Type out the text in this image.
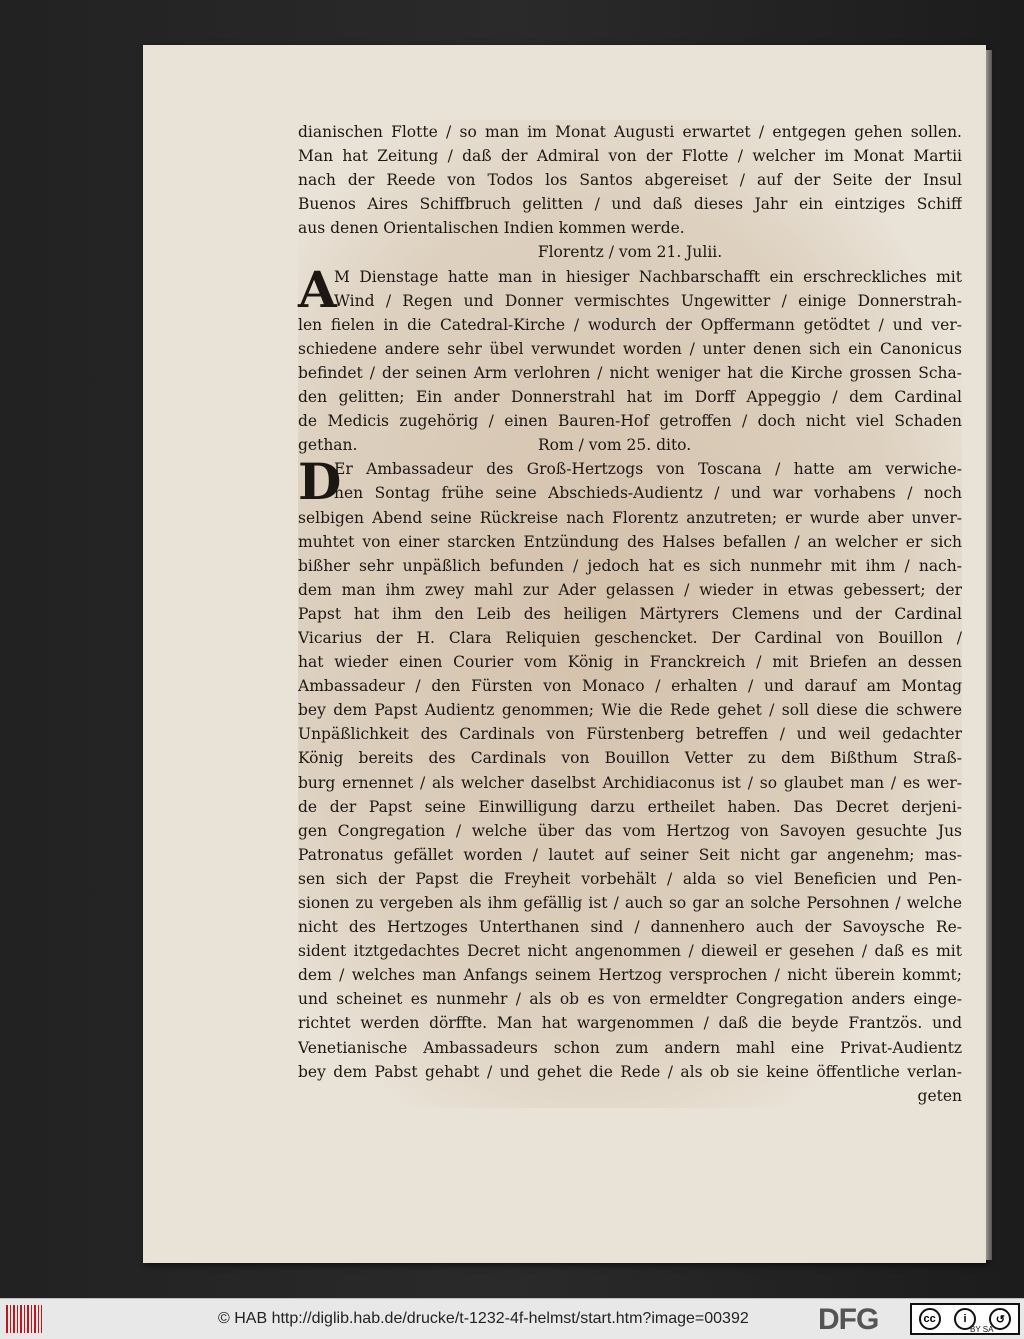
dianischen Flotte / so man im Monat Augusti erwartet / entgegen gehen sollen.
Man hat Zeitung / daß der Admiral von der Flotte / welcher im Monat Martii
nach der Reede von Todos los Santos abgereiset / auf der Seite der Insul
Buenos Aires Schiffbruch gelitten / und daß dieses Jahr ein eintziges Schiff
aus denen Orientalischen Indien kommen werde.
Florentz / vom 21. Julii.
A
M Dienstage hatte man in hiesiger Nachbarschafft ein erschreckliches mit
Wind / Regen und Donner vermischtes Ungewitter / einige Donnerstrah-
len fielen in die Catedral-Kirche / wodurch der Opffermann getödtet / und ver-
schiedene andere sehr übel verwundet worden / unter denen sich ein Canonicus
befindet / der seinen Arm verlohren / nicht weniger hat die Kirche grossen Scha-
den gelitten; Ein ander Donnerstrahl hat im Dorff Appeggio / dem Cardinal
de Medicis zugehörig / einen Bauren-Hof getroffen / doch nicht viel Schaden
gethan.	Rom / vom 25. dito.
D
Er Ambassadeur des Groß-Hertzogs von Toscana / hatte am verwiche-
nen Sontag frühe seine Abschieds-Audientz / und war vorhabens / noch
selbigen Abend seine Rückreise nach Florentz anzutreten; er wurde aber unver-
muhtet von einer starcken Entzündung des Halses befallen / an welcher er sich
bißher sehr unpäßlich befunden / jedoch hat es sich nunmehr mit ihm / nach-
dem man ihm zwey mahl zur Ader gelassen / wieder in etwas gebessert; der
Papst hat ihm den Leib des heiligen Märtyrers Clemens und der Cardinal
Vicarius der H. Clara Reliquien geschencket. Der Cardinal von Bouillon /
hat wieder einen Courier vom König in Franckreich / mit Briefen an dessen
Ambassadeur / den Fürsten von Monaco / erhalten / und darauf am Montag
bey dem Papst Audientz genommen; Wie die Rede gehet / soll diese die schwere
Unpäßlichkeit des Cardinals von Fürstenberg betreffen / und weil gedachter
König bereits des Cardinals von Bouillon Vetter zu dem Bißthum Straß-
burg ernennet / als welcher daselbst Archidiaconus ist / so glaubet man / es wer-
de der Papst seine Einwilligung darzu ertheilet haben. Das Decret derjeni-
gen Congregation / welche über das vom Hertzog von Savoyen gesuchte Jus
Patronatus gefället worden / lautet auf seiner Seit nicht gar angenehm; mas-
sen sich der Papst die Freyheit vorbehält / alda so viel Beneficien und Pen-
sionen zu vergeben als ihm gefällig ist / auch so gar an solche Persohnen / welche
nicht des Hertzoges Unterthanen sind / dannenhero auch der Savoysche Re-
sident itztgedachtes Decret nicht angenommen / dieweil er gesehen / daß es mit
dem / welches man Anfangs seinem Hertzog versprochen / nicht überein kommt;
und scheinet es nunmehr / als ob es von ermeldter Congregation anders einge-
richtet werden dörffte. Man hat wargenommen / daß die beyde Frantzös. und
Venetianische Ambassadeurs schon zum andern mahl eine Privat-Audientz
bey dem Pabst gehabt / und gehet die Rede / als ob sie keine öffentliche verlan-
geten
© HAB http://diglib.hab.de/drucke/t-1232-4f-helmst/start.htm?image=00392 DFG	cc	i	↺
BY SA
